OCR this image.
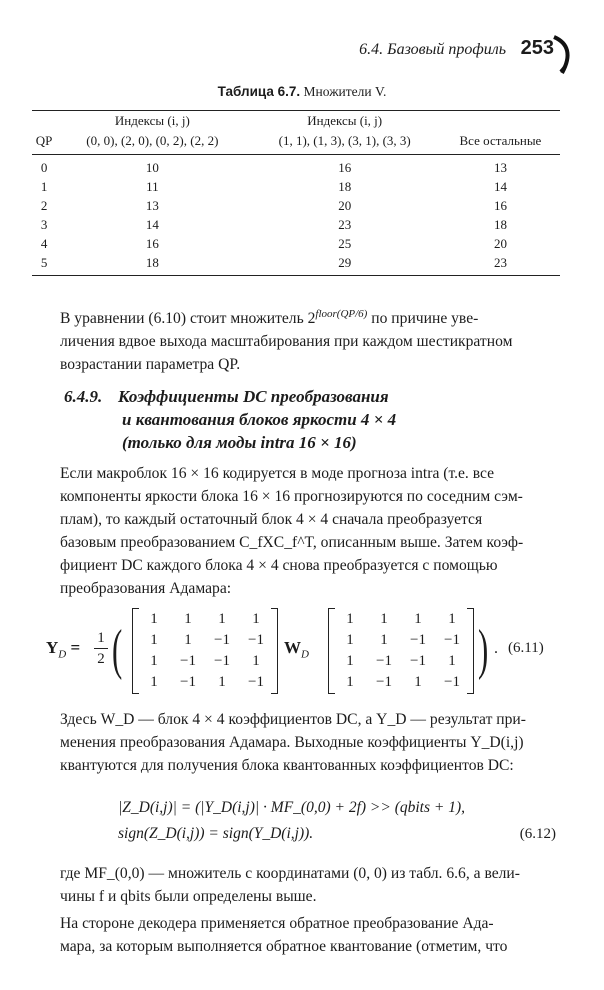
6.4. Базовый профиль 253
Таблица 6.7. Множители V.
	Индексы (i, j)	Индексы (i, j)	
QP	(0, 0), (2, 0), (0, 2), (2, 2)	(1, 1), (1, 3), (3, 1), (3, 3)	Все остальные
0	10	16	13
1	11	18	14
2	13	20	16
3	14	23	18
4	16	25	20
5	18	29	23
В уравнении (6.10) стоит множитель $2^{floor(QP/6)}$ по причине уве-
личения вдвое выхода масштабирования при каждом шестикратном
возрастании параметра QP.
6.4.9. Коэффициенты DC преобразования
и квантования блоков яркости 4 × 4
(только для моды intra 16 × 16)
Если макроблок 16 × 16 кодируется в моде прогноза intra (т.е. все
компоненты яркости блока 16 × 16 прогнозируются по соседним сэм-
плам), то каждый остаточный блок 4 × 4 сначала преобразуется
базовым преобразованием C_fXC_f^T, описанным выше. Затем коэф-
фициент DC каждого блока 4 × 4 снова преобразуется с помощью
преобразования Адамара:
$Y_D = 1$
2 ( 1	1	1	1
1	1	−1	−1
1	−1	−1	1
1	−1	1	−1
$W_D$
1	1	1	1
1	1	−1	−1
1	−1	−1	1
1	−1	1	−1
) . (6.11)
Здесь W_D — блок 4 × 4 коэффициентов DC, а Y_D — результат при-
менения преобразования Адамара. Выходные коэффициенты Y_D(i,j)
квантуются для получения блока квантованных коэффициентов DC:
|Z_D(i,j)| = (|Y_D(i,j)| · MF_(0,0) + 2f) >> (qbits + 1),
sign(Z_D(i,j)) = sign(Y_D(i,j)).	(6.12)
где MF_(0,0) — множитель с координатами (0, 0) из табл. 6.6, а вели-
чины f и qbits были определены выше.
На стороне декодера применяется обратное преобразование Ада-
мара, за которым выполняется обратное квантование (отметим, что
